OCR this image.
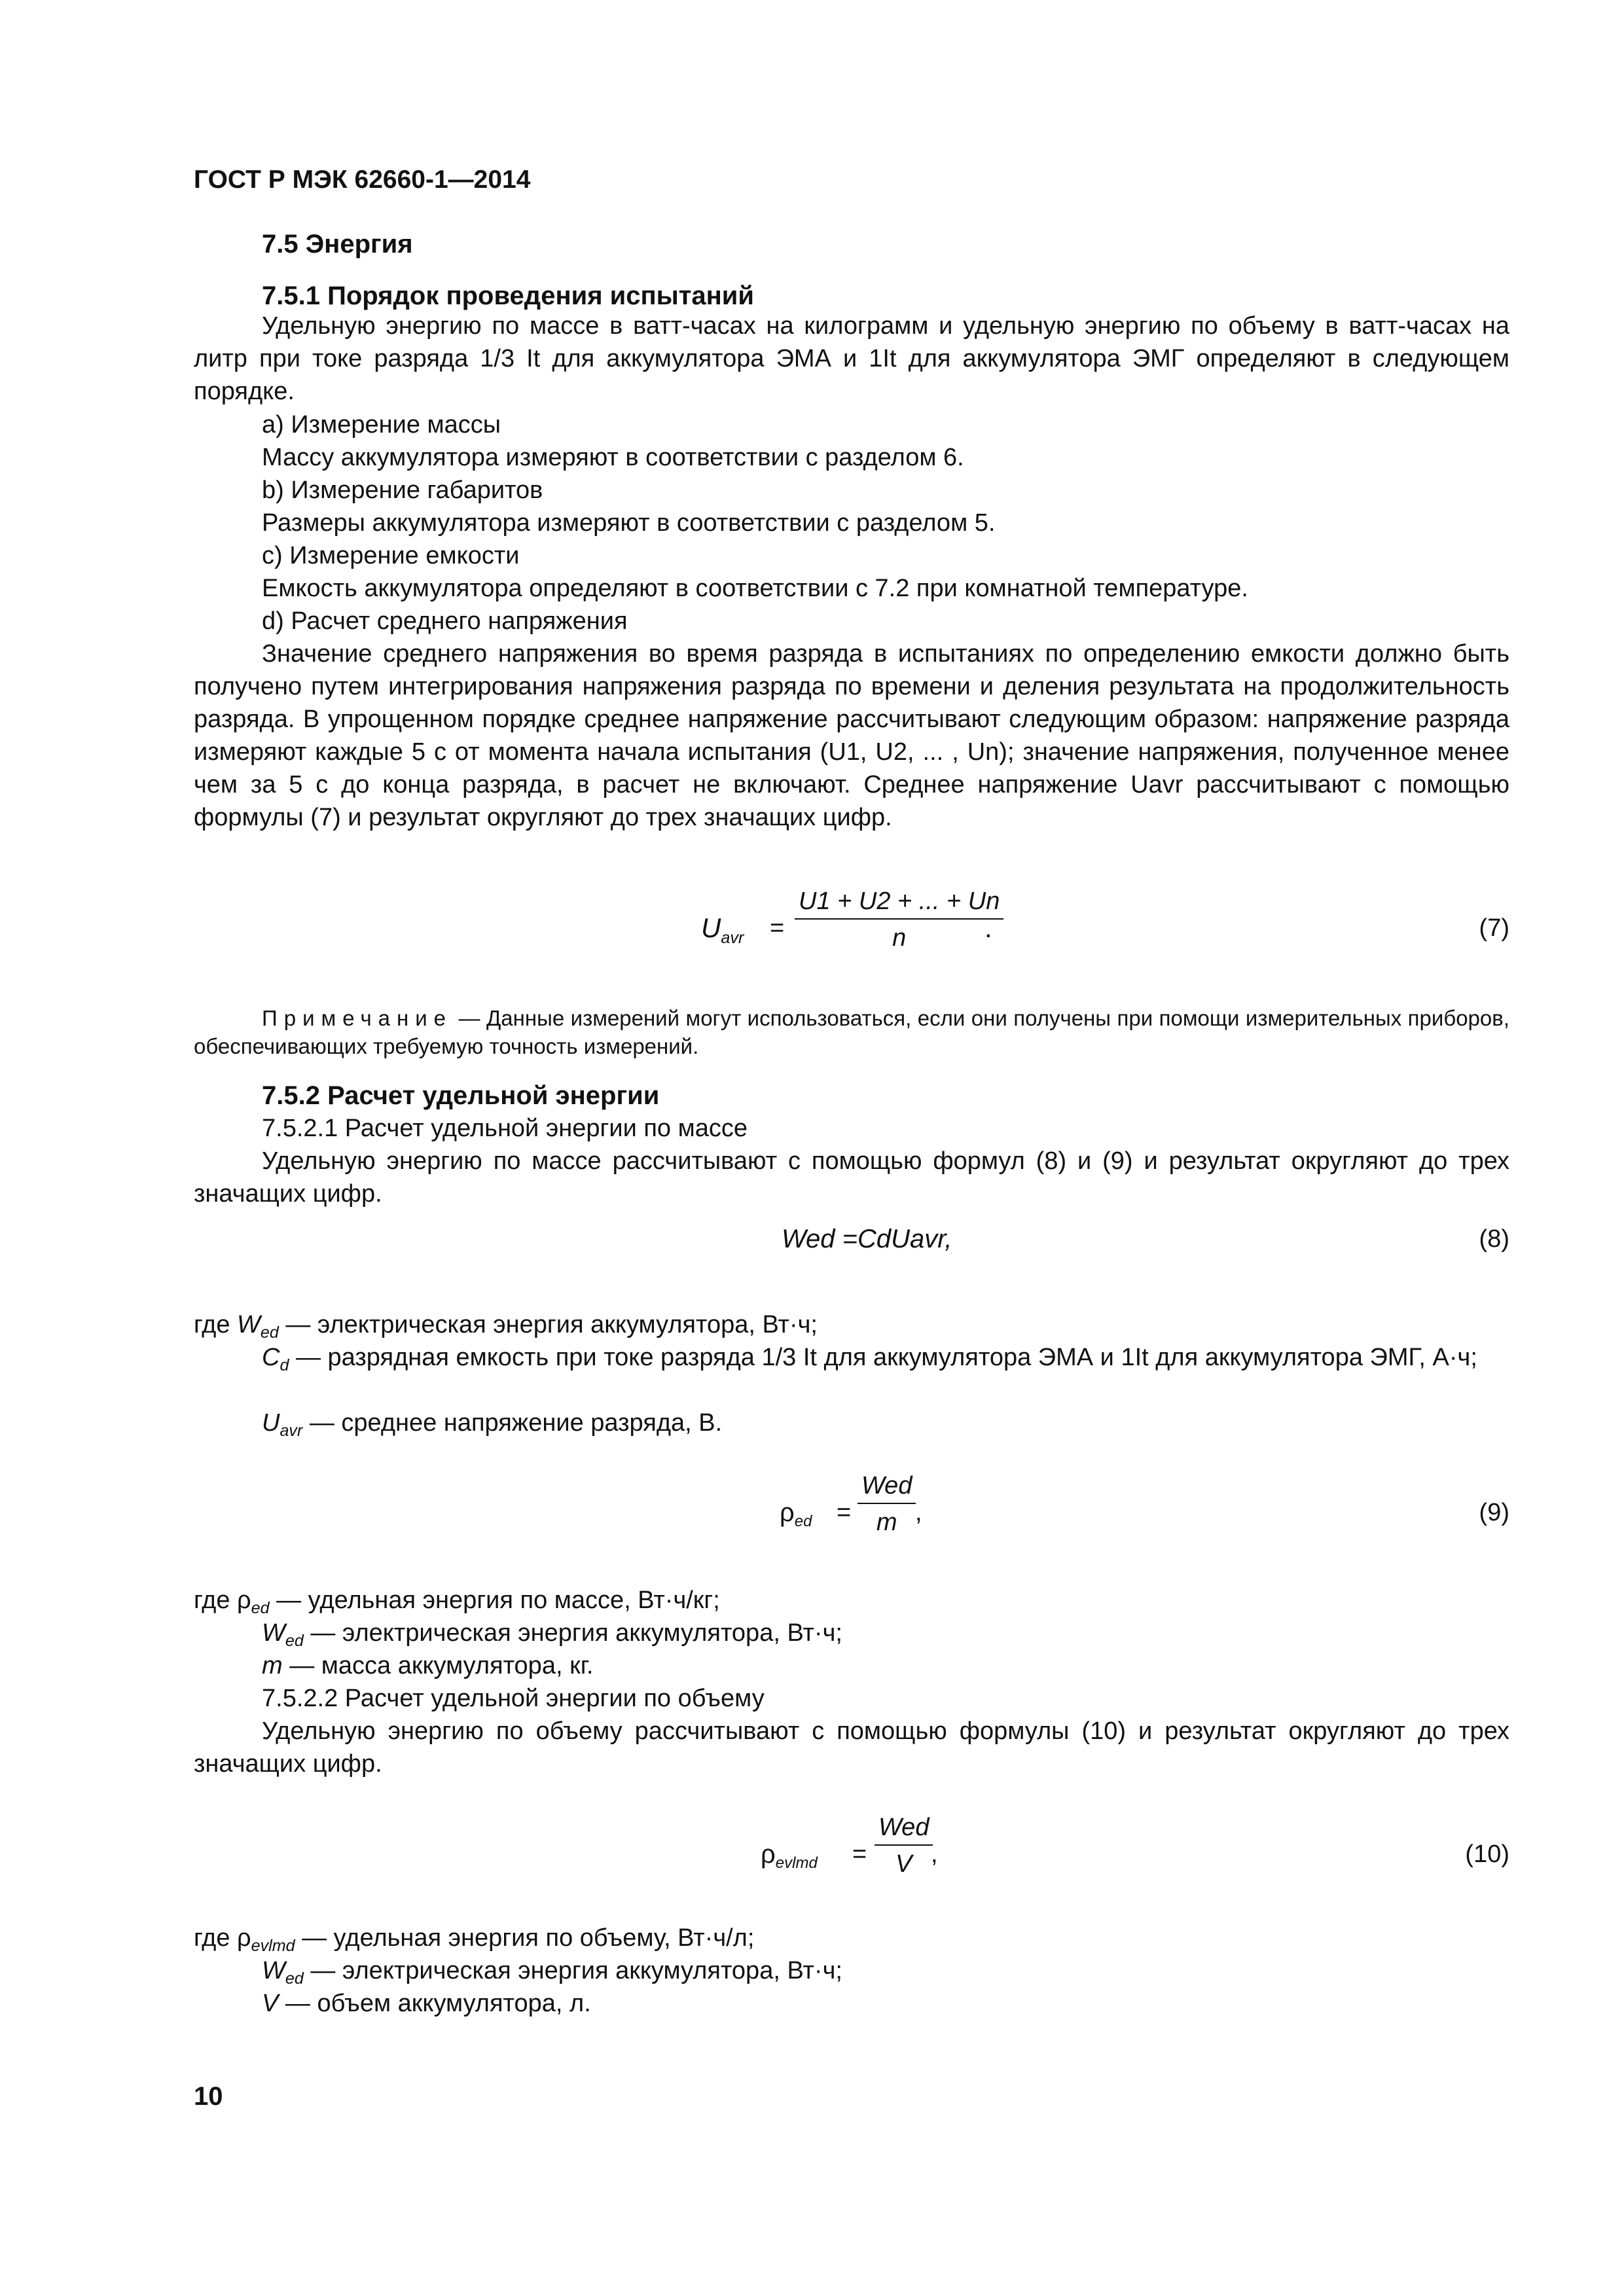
ГОСТ Р МЭК 62660-1—2014
7.5 Энергия
7.5.1 Порядок проведения испытаний

Удельную энергию по массе в ватт-часах на килограмм и удельную энергию по объему в ватт-часах на литр при токе разряда 1/3 It для аккумулятора ЭМА и 1It для аккумулятора ЭМГ определяют в следующем порядке.

a) Измерение массы
Массу аккумулятора измеряют в соответствии с разделом 6.
b) Измерение габаритов
Размеры аккумулятора измеряют в соответствии с разделом 5.
c) Измерение емкости
Емкость аккумулятора определяют в соответствии с 7.2 при комнатной температуре.
d) Расчет среднего напряжения

Значение среднего напряжения во время разряда в испытаниях по определению емкости должно быть получено путем интегрирования напряжения разряда по времени и деления результата на продолжительность разряда. В упрощенном порядке среднее напряжение рассчитывают следующим образом: напряжение разряда измеряют каждые 5 с от момента начала испытания (U1, U2, ... , Un); значение напряжения, полученное менее чем за 5 с до конца разряда, в расчет не включают. Среднее напряжение Uavr рассчитывают с помощью формулы (7) и результат округляют до трех значащих цифр.

$U_{avr} = \frac{U1 + U2 + ... + Un}{n}$
.	(7)

Примечание — Данные измерений могут использоваться, если они получены при помощи измерительных приборов, обеспечивающих требуемую точность измерений.

7.5.2 Расчет удельной энергии
7.5.2.1 Расчет удельной энергии по массе

Удельную энергию по массе рассчитывают с помощью формул (8) и (9) и результат округляют до трех значащих цифр.

Wed =CdUavr,	(8)
где $W_{ed}$ — электрическая энергия аккумулятора, Вт·ч;

$C_d$ — разрядная емкость при токе разряда 1/3 It для аккумулятора ЭМА и 1It для аккумулятора ЭМГ, А·ч;

$U_{avr}$ — среднее напряжение разряда, В.
$\rho_{ed}$ =
Wed
m ,	(9)
где $\rho_{ed}$ — удельная энергия по массе, Вт·ч/кг;
$W_{ed}$ — электрическая энергия аккумулятора, Вт·ч;
m — масса аккумулятора, кг.
7.5.2.2 Расчет удельной энергии по объему

Удельную энергию по объему рассчитывают с помощью формулы (10) и результат округляют до трех значащих цифр.

$\rho_{evlmd}$ =
Wed
V ,	(10)
где $\rho_{evlmd}$ — удельная энергия по объему, Вт·ч/л;
$W_{ed}$ — электрическая энергия аккумулятора, Вт·ч;
V — объем аккумулятора, л.
10
